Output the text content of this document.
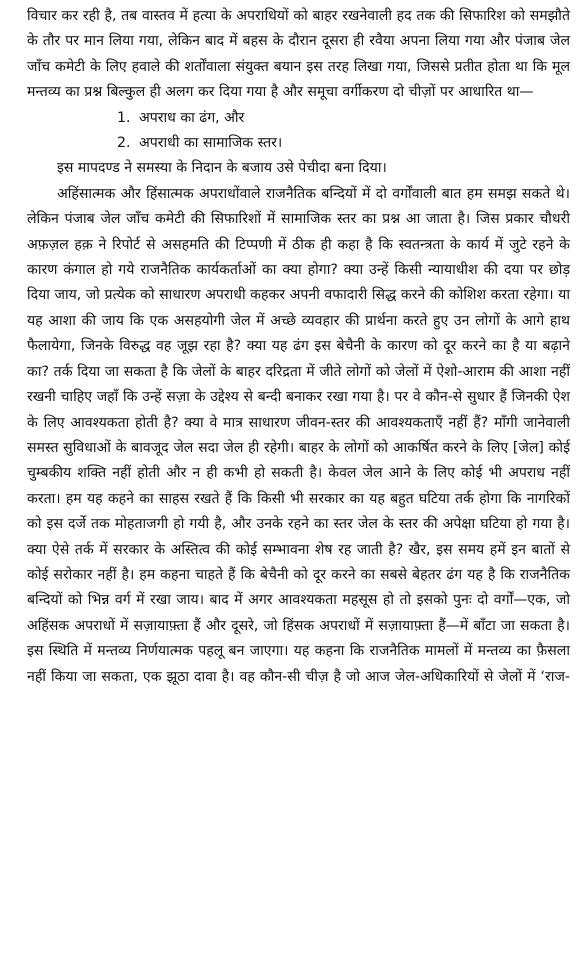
विचार कर रही है, तब वास्तव में हत्या के अपराधियों को बाहर रखनेवाली हद तक की सिफारिश को समझौते के तौर पर मान लिया गया, लेकिन बाद में बहस के दौरान दूसरा ही रवैया अपना लिया गया और पंजाब जेल जाँच कमेटी के लिए हवाले की शर्तोंवाला संयुक्त बयान इस तरह लिखा गया, जिससे प्रतीत होता था कि मूल मन्तव्य का प्रश्न बिल्कुल ही अलग कर दिया गया है और समूचा वर्गीकरण दो चीज़ों पर आधारित था—

1. अपराध का ढंग, और
2. अपराधी का सामाजिक स्तर।

इस मापदण्ड ने समस्या के निदान के बजाय उसे पेचीदा बना दिया।

अहिंसात्मक और हिंसात्मक अपराधोंवाले राजनैतिक बन्दियों में दो वर्गोंवाली बात हम समझ सकते थे। लेकिन पंजाब जेल जाँच कमेटी की सिफारिशों में सामाजिक स्तर का प्रश्न आ जाता है। जिस प्रकार चौधरी अफ़ज़ल हक़ ने रिपोर्ट से असहमति की टिप्पणी में ठीक ही कहा है कि स्वतन्त्रता के कार्य में जुटे रहने के कारण कंगाल हो गये राजनैतिक कार्यकर्ताओं का क्या होगा? क्या उन्हें किसी न्यायाधीश की दया पर छोड़ दिया जाय, जो प्रत्येक को साधारण अपराधी कहकर अपनी वफादारी सिद्ध करने की कोशिश करता रहेगा। या यह आशा की जाय कि एक असहयोगी जेल में अच्छे व्यवहार की प्रार्थना करते हुए उन लोगों के आगे हाथ फैलायेगा, जिनके विरुद्ध वह जूझ रहा है? क्या यह ढंग इस बेचैनी के कारण को दूर करने का है या बढ़ाने का? तर्क दिया जा सकता है कि जेलों के बाहर दरिद्रता में जीते लोगों को जेलों में ऐशो-आराम की आशा नहीं रखनी चाहिए जहाँ कि उन्हें सज़ा के उद्देश्य से बन्दी बनाकर रखा गया है। पर वे कौन-से सुधार हैं जिनकी ऐश के लिए आवश्यकता होती है? क्या वे मात्र साधारण जीवन-स्तर की आवश्यकताएँ नहीं हैं? माँगी जानेवाली समस्त सुविधाओं के बावजूद जेल सदा जेल ही रहेगी। बाहर के लोगों को आकर्षित करने के लिए [जेल] कोई चुम्बकीय शक्ति नहीं होती और न ही कभी हो सकती है। केवल जेल आने के लिए कोई भी अपराध नहीं करता। हम यह कहने का साहस रखते हैं कि किसी भी सरकार का यह बहुत घटिया तर्क होगा कि नागरिकों को इस दर्जे तक मोहताजगी हो गयी है, और उनके रहने का स्तर जेल के स्तर की अपेक्षा घटिया हो गया है। क्या ऐसे तर्क में सरकार के अस्तित्व की कोई सम्भावना शेष रह जाती है? खैर, इस समय हमें इन बातों से कोई सरोकार नहीं है। हम कहना चाहते हैं कि बेचैनी को दूर करने का सबसे बेहतर ढंग यह है कि राजनैतिक बन्दियों को भिन्न वर्ग में रखा जाय। बाद में अगर आवश्यकता महसूस हो तो इसको पुनः दो वर्गों—एक, जो अहिंसक अपराधों में सज़ायाफ़्ता हैं और दूसरे, जो हिंसक अपराधों में सज़ायाफ़्ता हैं—में बाँटा जा सकता है। इस स्थिति में मन्तव्य निर्णयात्मक पहलू बन जाएगा। यह कहना कि राजनैतिक मामलों में मन्तव्य का फ़ैसला नहीं किया जा सकता, एक झूठा दावा है। वह कौन-सी चीज़ है जो आज जेल-अधिकारियों से जेलों में ‘राज-
